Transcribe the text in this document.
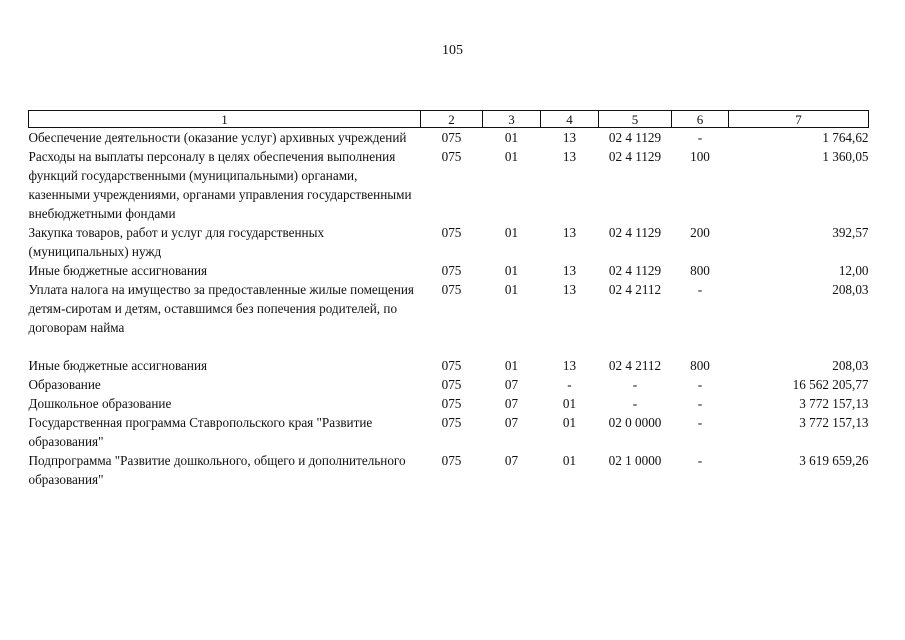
105
1	2	3	4	5	6	7
Обеспечение деятельности (оказание услуг) архивных учреждений	075	01	13	02 4 1129	-	1 764,62
Расходы на выплаты персоналу в целях обеспечения выполнения функций государственными (муниципальными) органами, казенными учреждениями, органами управления государственными внебюджетными фондами	075	01	13	02 4 1129	100	1 360,05
Закупка товаров, работ и услуг для государственных (муниципальных) нужд	075	01	13	02 4 1129	200	392,57
Иные бюджетные ассигнования	075	01	13	02 4 1129	800	12,00
Уплата налога на имущество за предоставленные жилые помещения детям-сиротам и детям, оставшимся без попечения родителей, по договорам найма	075	01	13	02 4 2112	-	208,03

Иные бюджетные ассигнования	075	01	13	02 4 2112	800	208,03
Образование	075	07	-	-	-	16 562 205,77
Дошкольное образование	075	07	01	-	-	3 772 157,13
Государственная программа Ставропольского края "Развитие образования"	075	07	01	02 0 0000	-	3 772 157,13
Подпрограмма "Развитие дошкольного, общего и дополнительного образования"	075	07	01	02 1 0000	-	3 619 659,26
